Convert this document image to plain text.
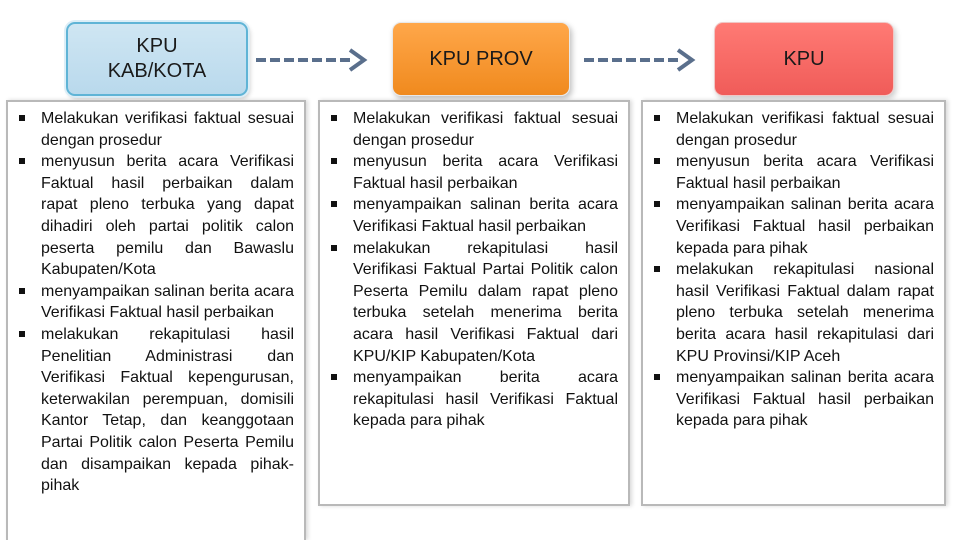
KPU
KAB/KOTA
KPU PROV	KPU
Melakukan verifikasi faktual sesuai dengan prosedur
menyusun berita acara Verifikasi Faktual hasil perbaikan dalam rapat pleno terbuka yang dapat dihadiri oleh partai politik calon peserta pemilu dan Bawaslu Kabupaten/Kota
menyampaikan salinan berita acara Verifikasi Faktual hasil perbaikan
melakukan rekapitulasi hasil Penelitian Administrasi dan Verifikasi Faktual kepengurusan, keterwakilan perempuan, domisili Kantor Tetap, dan keanggotaan Partai Politik calon Peserta Pemilu dan disampaikan kepada pihak-pihak
Melakukan verifikasi faktual sesuai dengan prosedur
menyusun berita acara Verifikasi Faktual hasil perbaikan
menyampaikan salinan berita acara Verifikasi Faktual hasil perbaikan
melakukan rekapitulasi hasil Verifikasi Faktual Partai Politik calon Peserta Pemilu dalam rapat pleno terbuka setelah menerima berita acara hasil Verifikasi Faktual dari KPU/KIP Kabupaten/Kota
menyampaikan berita acara rekapitulasi hasil Verifikasi Faktual kepada para pihak
Melakukan verifikasi faktual sesuai dengan prosedur
menyusun berita acara Verifikasi Faktual hasil perbaikan
menyampaikan salinan berita acara Verifikasi Faktual hasil perbaikan kepada para pihak
melakukan rekapitulasi nasional hasil Verifikasi Faktual dalam rapat pleno terbuka setelah menerima berita acara hasil rekapitulasi dari KPU Provinsi/KIP Aceh
menyampaikan salinan berita acara Verifikasi Faktual hasil perbaikan kepada para pihak
